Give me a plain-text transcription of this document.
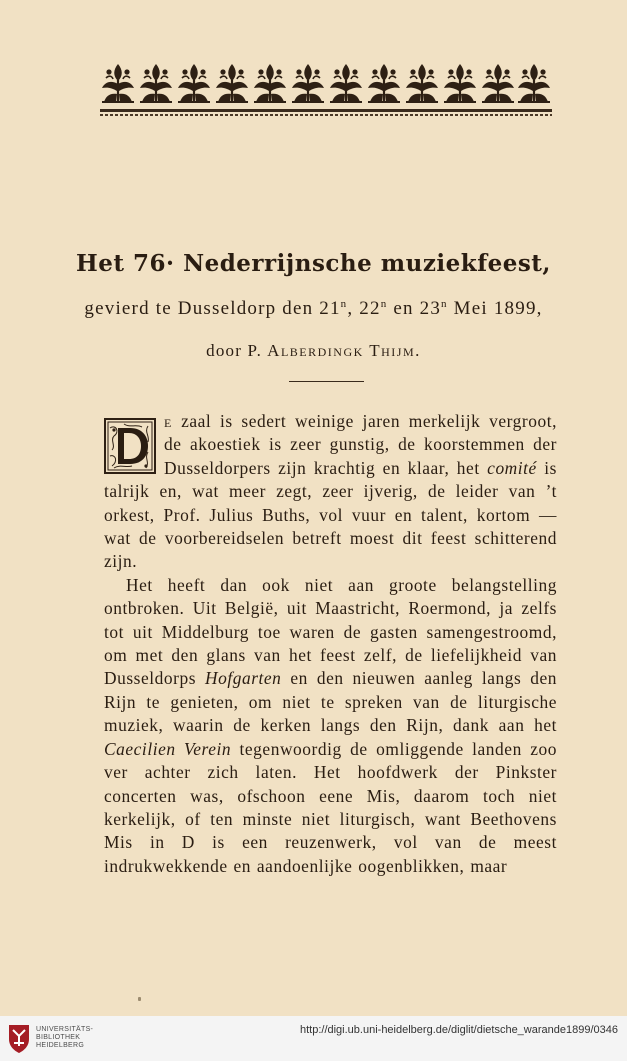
Het 76· Nederrijnsche muziekfeest,
gevierd te Dusseldorp den 21$^n$, 22$^n$ en 23$^n$ Mei 1899,
door P. Alberdingk Thijm.

e zaal is sedert weinige jaren merkelijk vergroot, de akoestiek is zeer gunstig, de koorstemmen der Dusseldorpers zijn krachtig en klaar, het comité is talrijk en, wat meer zegt, zeer ijverig, de leider van ’t orkest, Prof. Julius Buths, vol vuur en talent, kortom — wat de voorbereidselen betreft moest dit feest schitterend zijn.

Het heeft dan ook niet aan groote belangstelling ontbroken. Uit België, uit Maastricht, Roermond, ja zelfs tot uit Middelburg toe waren de gasten samengestroomd, om met den glans van het feest zelf, de liefelijkheid van Dusseldorps Hofgarten en den nieuwen aanleg langs den Rijn te genieten, om niet te spreken van de liturgische muziek, waarin de kerken langs den Rijn, dank aan het Caecilien Verein tegenwoordig de omliggende landen zoo ver achter zich laten. Het hoofdwerk der Pinkster concerten was, ofschoon eene Mis, daarom toch niet kerkelijk, of ten minste niet liturgisch, want Beethovens Mis in D is een reuzenwerk, vol van de meest indrukwekkende en aandoenlijke oogenblikken, maar

UNIVERSITÄTS-
BIBLIOTHEK
HEIDELBERG
http://digi.ub.uni-heidelberg.de/diglit/dietsche_warande1899/0346
